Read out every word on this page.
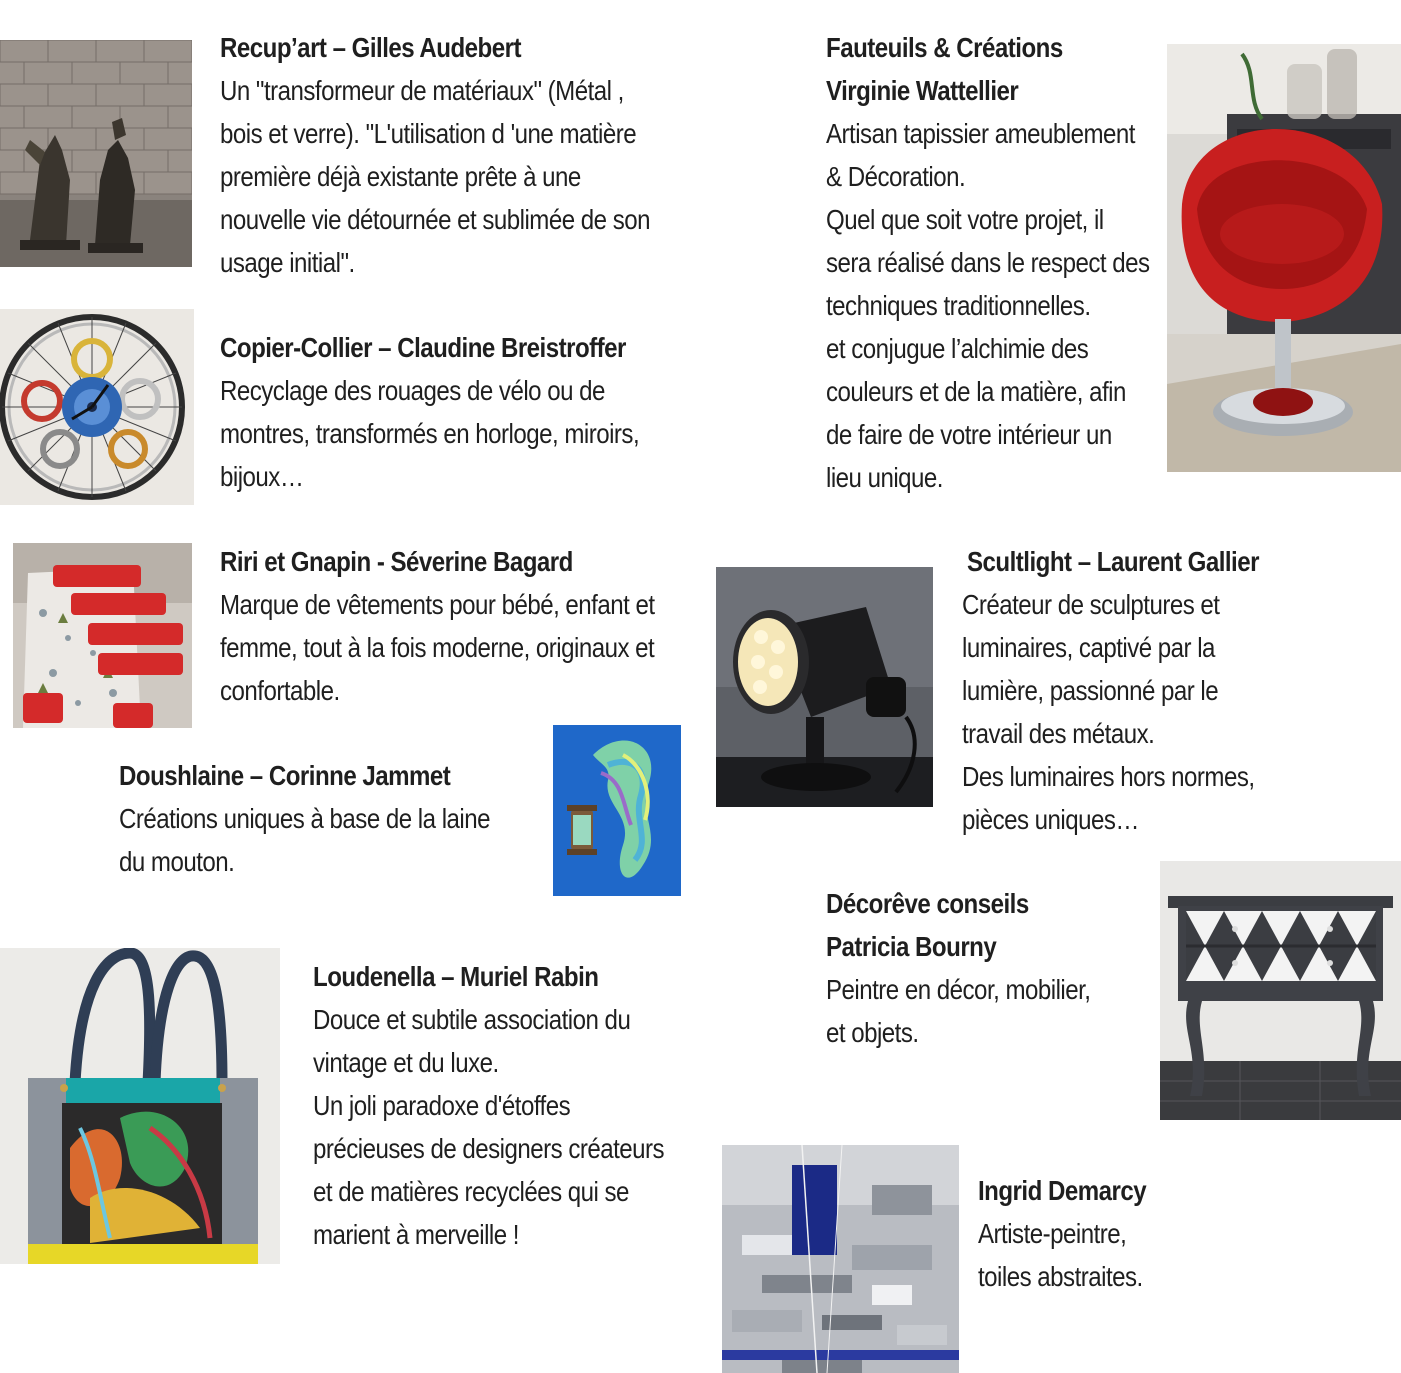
Recup’art – Gilles Audebert
Un "transformeur de matériaux" (Métal ,
bois et verre). "L'utilisation d 'une matière
première déjà existante prête à une
nouvelle vie détournée et sublimée de son
usage initial".
Copier-Collier – Claudine Breistroffer
Recyclage des rouages de vélo ou de
montres, transformés en horloge, miroirs,
bijoux…
Riri et Gnapin - Séverine Bagard
Marque de vêtements pour bébé, enfant et
femme, tout à la fois moderne, originaux et
confortable.
Doushlaine – Corinne Jammet
Créations uniques à base de la laine
du mouton.
Loudenella – Muriel Rabin
Douce et subtile association du
vintage et du luxe.
Un joli paradoxe d'étoffes
précieuses de designers créateurs
et de matières recyclées qui se
marient à merveille !
Fauteuils & Créations
Virginie Wattellier
Artisan tapissier ameublement
& Décoration.
Quel que soit votre projet, il
sera réalisé dans le respect des
techniques traditionnelles.
et conjugue l’alchimie des
couleurs et de la matière, afin
de faire de votre intérieur un
lieu unique.
Scultlight – Laurent Gallier
Créateur de sculptures et
luminaires, captivé par la
lumière, passionné par le
travail des métaux.
Des luminaires hors normes,
pièces uniques…
Décorêve conseils
Patricia Bourny
Peintre en décor, mobilier,
et objets.
Ingrid Demarcy
Artiste-peintre,
toiles abstraites.
